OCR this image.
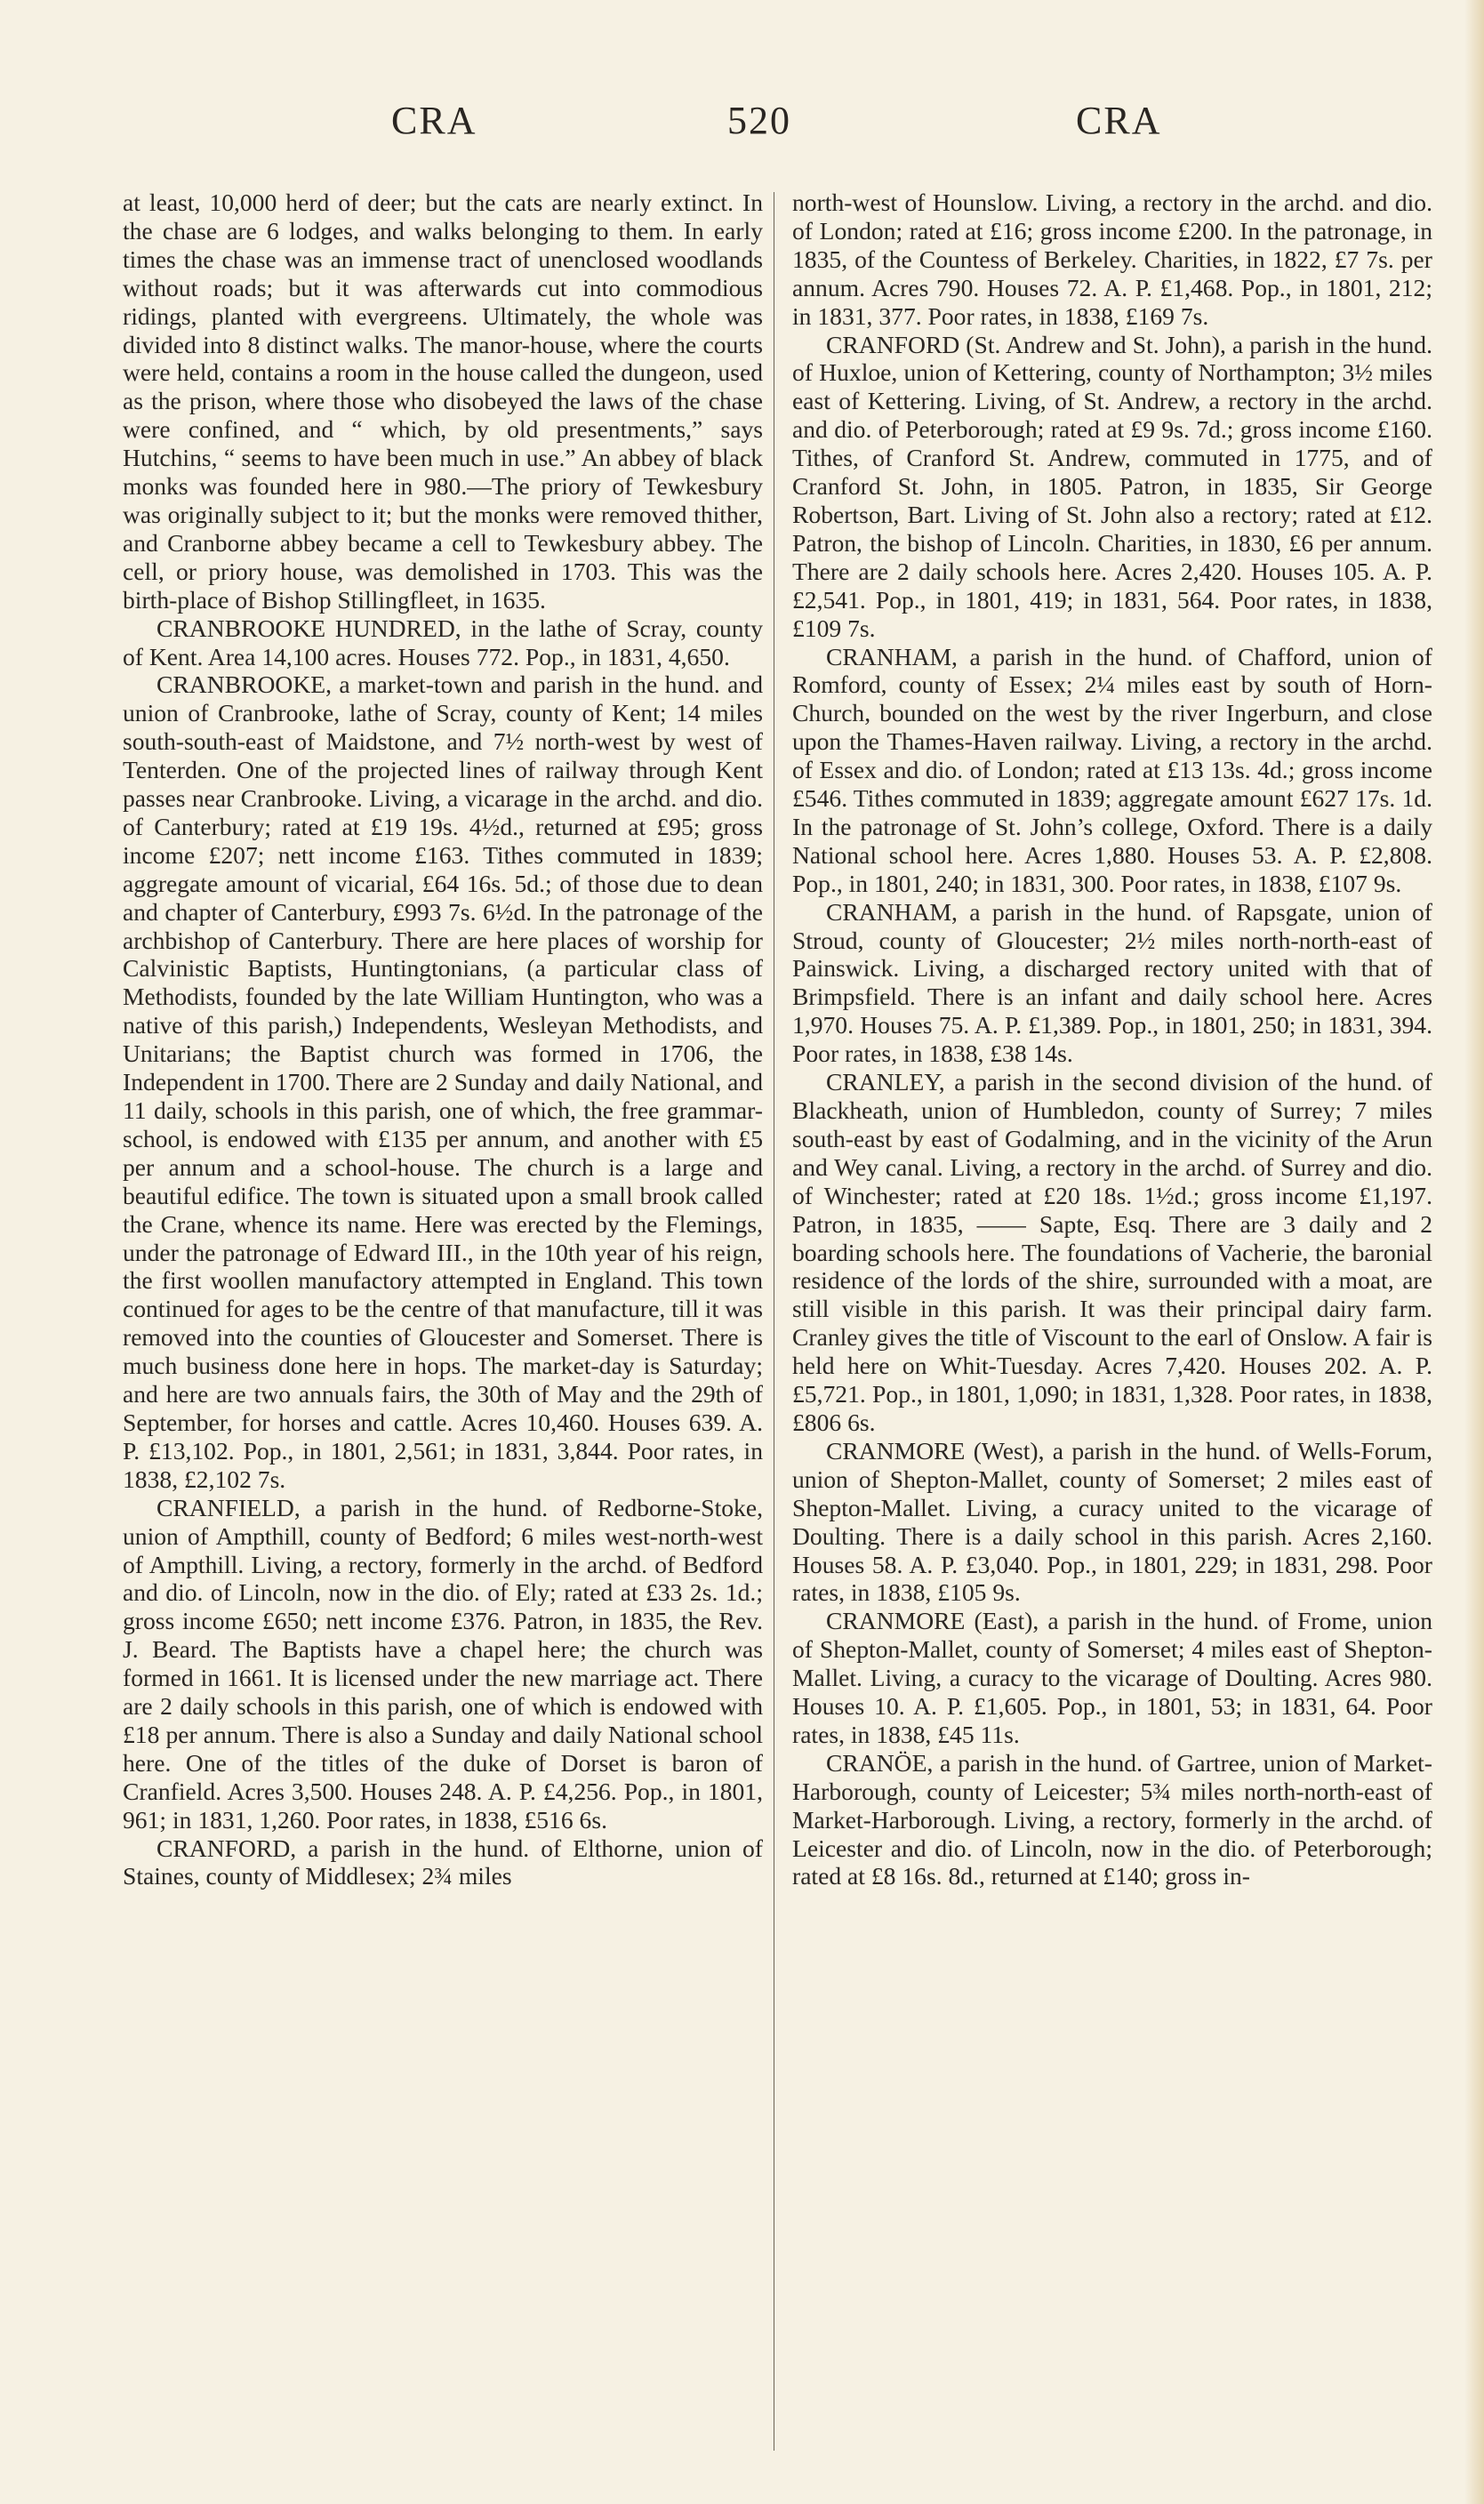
CRA	520	CRA

at least, 10,000 herd of deer; but the cats are nearly extinct. In the chase are 6 lodges, and walks belonging to them. In early times the chase was an immense tract of unenclosed woodlands without roads; but it was afterwards cut into commodious ridings, planted with evergreens. Ultimately, the whole was divided into 8 distinct walks. The manor-house, where the courts were held, contains a room in the house called the dungeon, used as the prison, where those who disobeyed the laws of the chase were confined, and “ which, by old presentments,” says Hutchins, “ seems to have been much in use.” An abbey of black monks was founded here in 980.—The priory of Tewkesbury was originally subject to it; but the monks were removed thither, and Cranborne abbey became a cell to Tewkesbury abbey. The cell, or priory house, was demolished in 1703. This was the birth-place of Bishop Stillingfleet, in 1635.

CRANBROOKE HUNDRED, in the lathe of Scray, county of Kent. Area 14,100 acres. Houses 772. Pop., in 1831, 4,650.

CRANBROOKE, a market-town and parish in the hund. and union of Cranbrooke, lathe of Scray, county of Kent; 14 miles south-south-east of Maidstone, and 7½ north-west by west of Tenterden. One of the projected lines of railway through Kent passes near Cranbrooke. Living, a vicarage in the archd. and dio. of Canterbury; rated at £19 19s. 4½d., returned at £95; gross income £207; nett income £163. Tithes commuted in 1839; aggregate amount of vicarial, £64 16s. 5d.; of those due to dean and chapter of Canterbury, £993 7s. 6½d. In the patronage of the archbishop of Canterbury. There are here places of worship for Calvinistic Baptists, Huntingtonians, (a particular class of Methodists, founded by the late William Huntington, who was a native of this parish,) Independents, Wesleyan Methodists, and Unitarians; the Baptist church was formed in 1706, the Independent in 1700. There are 2 Sunday and daily National, and 11 daily, schools in this parish, one of which, the free grammar-school, is endowed with £135 per annum, and another with £5 per annum and a school-house. The church is a large and beautiful edifice. The town is situated upon a small brook called the Crane, whence its name. Here was erected by the Flemings, under the patronage of Edward III., in the 10th year of his reign, the first woollen manufactory attempted in England. This town continued for ages to be the centre of that manufacture, till it was removed into the counties of Gloucester and Somerset. There is much business done here in hops. The market-day is Saturday; and here are two annuals fairs, the 30th of May and the 29th of September, for horses and cattle. Acres 10,460. Houses 639. A. P. £13,102. Pop., in 1801, 2,561; in 1831, 3,844. Poor rates, in 1838, £2,102 7s.

CRANFIELD, a parish in the hund. of Redborne-Stoke, union of Ampthill, county of Bedford; 6 miles west-north-west of Ampthill. Living, a rectory, formerly in the archd. of Bedford and dio. of Lincoln, now in the dio. of Ely; rated at £33 2s. 1d.; gross income £650; nett income £376. Patron, in 1835, the Rev. J. Beard. The Baptists have a chapel here; the church was formed in 1661. It is licensed under the new marriage act. There are 2 daily schools in this parish, one of which is endowed with £18 per annum. There is also a Sunday and daily National school here. One of the titles of the duke of Dorset is baron of Cranfield. Acres 3,500. Houses 248. A. P. £4,256. Pop., in 1801, 961; in 1831, 1,260. Poor rates, in 1838, £516 6s.

CRANFORD, a parish in the hund. of Elthorne, union of Staines, county of Middlesex; 2¾ miles

north-west of Hounslow. Living, a rectory in the archd. and dio. of London; rated at £16; gross income £200. In the patronage, in 1835, of the Countess of Berkeley. Charities, in 1822, £7 7s. per annum. Acres 790. Houses 72. A. P. £1,468. Pop., in 1801, 212; in 1831, 377. Poor rates, in 1838, £169 7s.

CRANFORD (St. Andrew and St. John), a parish in the hund. of Huxloe, union of Kettering, county of Northampton; 3½ miles east of Kettering. Living, of St. Andrew, a rectory in the archd. and dio. of Peterborough; rated at £9 9s. 7d.; gross income £160. Tithes, of Cranford St. Andrew, commuted in 1775, and of Cranford St. John, in 1805. Patron, in 1835, Sir George Robertson, Bart. Living of St. John also a rectory; rated at £12. Patron, the bishop of Lincoln. Charities, in 1830, £6 per annum. There are 2 daily schools here. Acres 2,420. Houses 105. A. P. £2,541. Pop., in 1801, 419; in 1831, 564. Poor rates, in 1838, £109 7s.

CRANHAM, a parish in the hund. of Chafford, union of Romford, county of Essex; 2¼ miles east by south of Horn-Church, bounded on the west by the river Ingerburn, and close upon the Thames-Haven railway. Living, a rectory in the archd. of Essex and dio. of London; rated at £13 13s. 4d.; gross income £546. Tithes commuted in 1839; aggregate amount £627 17s. 1d. In the patronage of St. John’s college, Oxford. There is a daily National school here. Acres 1,880. Houses 53. A. P. £2,808. Pop., in 1801, 240; in 1831, 300. Poor rates, in 1838, £107 9s.

CRANHAM, a parish in the hund. of Rapsgate, union of Stroud, county of Gloucester; 2½ miles north-north-east of Painswick. Living, a discharged rectory united with that of Brimpsfield. There is an infant and daily school here. Acres 1,970. Houses 75. A. P. £1,389. Pop., in 1801, 250; in 1831, 394. Poor rates, in 1838, £38 14s.

CRANLEY, a parish in the second division of the hund. of Blackheath, union of Humbledon, county of Surrey; 7 miles south-east by east of Godalming, and in the vicinity of the Arun and Wey canal. Living, a rectory in the archd. of Surrey and dio. of Winchester; rated at £20 18s. 1½d.; gross income £1,197. Patron, in 1835, —— Sapte, Esq. There are 3 daily and 2 boarding schools here. The foundations of Vacherie, the baronial residence of the lords of the shire, surrounded with a moat, are still visible in this parish. It was their principal dairy farm. Cranley gives the title of Viscount to the earl of Onslow. A fair is held here on Whit-Tuesday. Acres 7,420. Houses 202. A. P. £5,721. Pop., in 1801, 1,090; in 1831, 1,328. Poor rates, in 1838, £806 6s.

CRANMORE (West), a parish in the hund. of Wells-Forum, union of Shepton-Mallet, county of Somerset; 2 miles east of Shepton-Mallet. Living, a curacy united to the vicarage of Doulting. There is a daily school in this parish. Acres 2,160. Houses 58. A. P. £3,040. Pop., in 1801, 229; in 1831, 298. Poor rates, in 1838, £105 9s.

CRANMORE (East), a parish in the hund. of Frome, union of Shepton-Mallet, county of Somerset; 4 miles east of Shepton-Mallet. Living, a curacy to the vicarage of Doulting. Acres 980. Houses 10. A. P. £1,605. Pop., in 1801, 53; in 1831, 64. Poor rates, in 1838, £45 11s.

CRANÖE, a parish in the hund. of Gartree, union of Market-Harborough, county of Leicester; 5¾ miles north-north-east of Market-Harborough. Living, a rectory, formerly in the archd. of Leicester and dio. of Lincoln, now in the dio. of Peterborough; rated at £8 16s. 8d., returned at £140; gross in-
